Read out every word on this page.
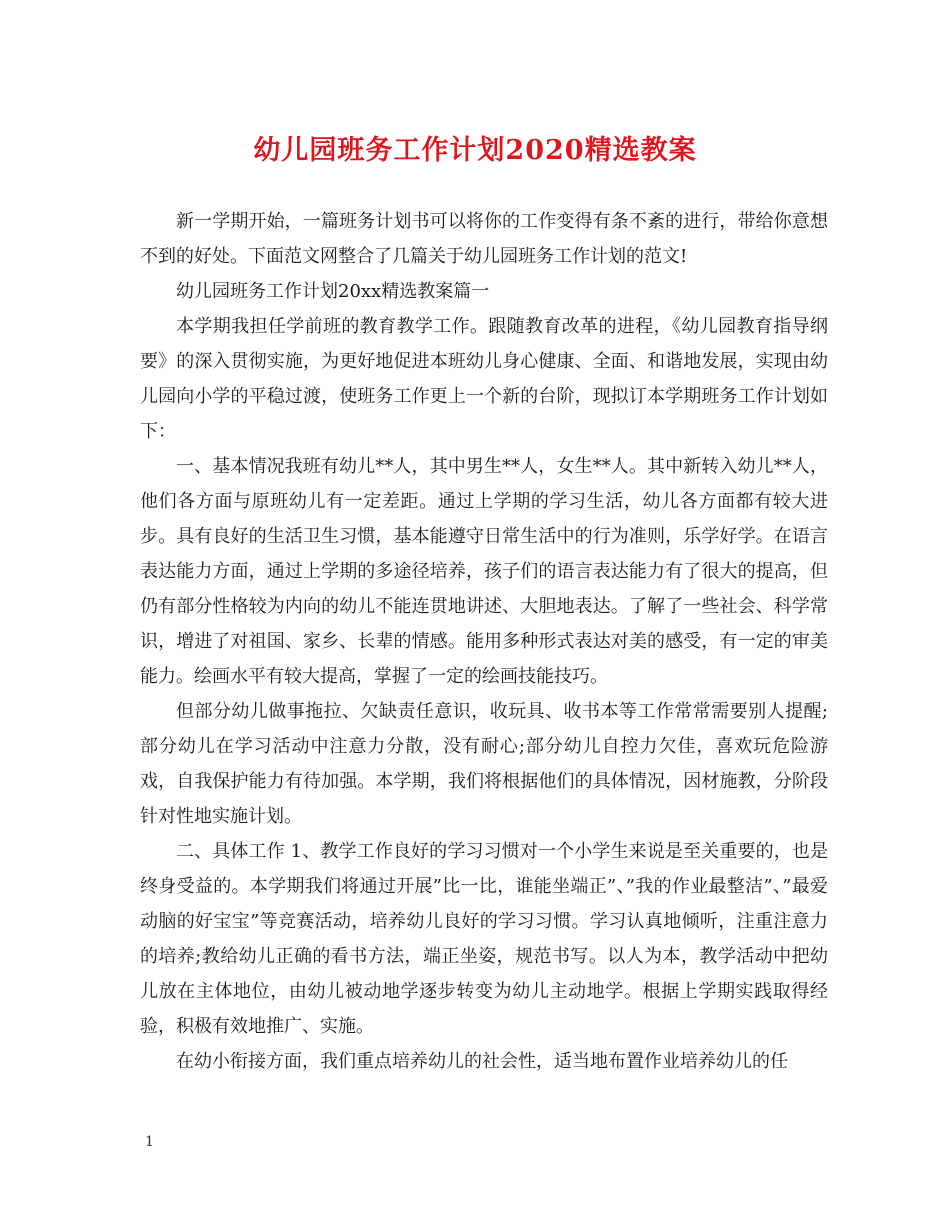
幼儿园班务工作计划2020精选教案

新一学期开始，一篇班务计划书可以将你的工作变得有条不紊的进行，带给你意想不到的好处。下面范文网整合了几篇关于幼儿园班务工作计划的范文!

幼儿园班务工作计划20xx精选教案篇一

本学期我担任学前班的教育教学工作。跟随教育改革的进程，《幼儿园教育指导纲要》的深入贯彻实施，为更好地促进本班幼儿身心健康、全面、和谐地发展，实现由幼儿园向小学的平稳过渡，使班务工作更上一个新的台阶，现拟订本学期班务工作计划如下：

一、基本情况我班有幼儿**人，其中男生**人，女生**人。其中新转入幼儿**人，他们各方面与原班幼儿有一定差距。通过上学期的学习生活，幼儿各方面都有较大进步。具有良好的生活卫生习惯，基本能遵守日常生活中的行为准则，乐学好学。在语言表达能力方面，通过上学期的多途径培养，孩子们的语言表达能力有了很大的提高，但仍有部分性格较为内向的幼儿不能连贯地讲述、大胆地表达。了解了一些社会、科学常识，增进了对祖国、家乡、长辈的情感。能用多种形式表达对美的感受，有一定的审美能力。绘画水平有较大提高，掌握了一定的绘画技能技巧。

但部分幼儿做事拖拉、欠缺责任意识，收玩具、收书本等工作常常需要别人提醒;部分幼儿在学习活动中注意力分散，没有耐心;部分幼儿自控力欠佳，喜欢玩危险游戏，自我保护能力有待加强。本学期，我们将根据他们的具体情况，因材施教，分阶段针对性地实施计划。

二、具体工作 1、教学工作良好的学习习惯对一个小学生来说是至关重要的，也是终身受益的。本学期我们将通过开展”比一比，谁能坐端正”、”我的作业最整洁”、”最爱动脑的好宝宝”等竞赛活动，培养幼儿良好的学习习惯。学习认真地倾听，注重注意力的培养;教给幼儿正确的看书方法，端正坐姿，规范书写。以人为本，教学活动中把幼儿放在主体地位，由幼儿被动地学逐步转变为幼儿主动地学。根据上学期实践取得经验，积极有效地推广、实施。

在幼小衔接方面，我们重点培养幼儿的社会性，适当地布置作业培养幼儿的任

1
